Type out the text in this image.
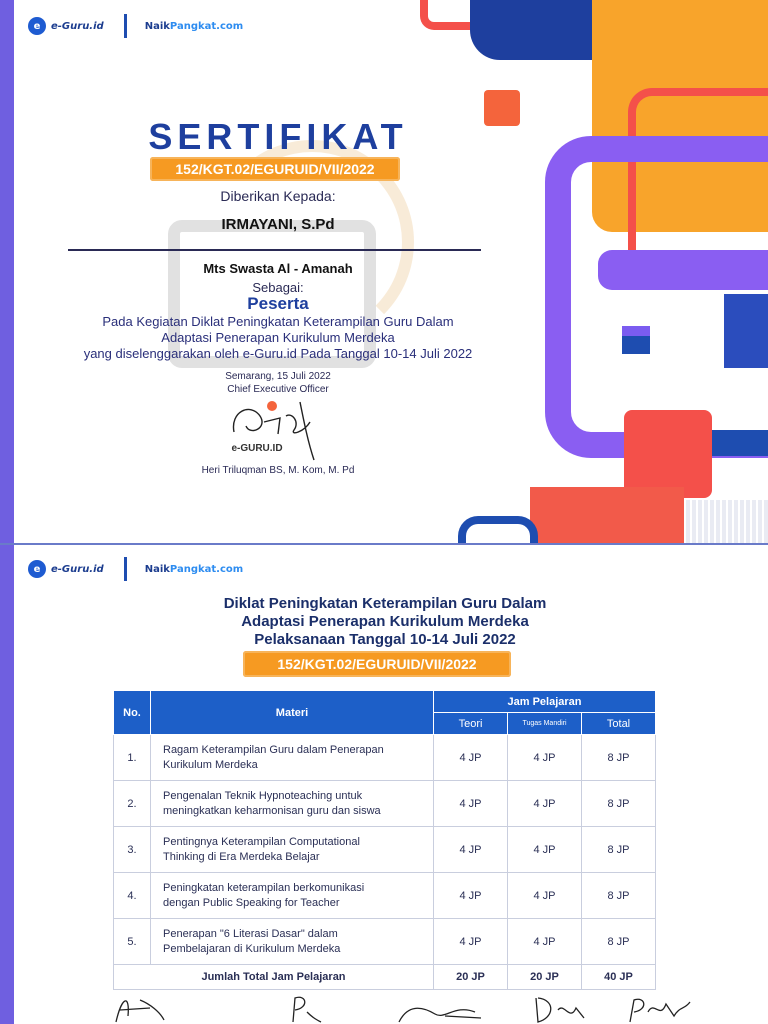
e	e-Guru.id	NaikPangkat.com
SERTIFIKAT
152/KGT.02/EGURUID/VII/2022
Diberikan Kepada:
IRMAYANI, S.Pd
Mts Swasta Al - Amanah
Sebagai:
Peserta
Pada Kegiatan Diklat Peningkatan Keterampilan Guru Dalam
Adaptasi Penerapan Kurikulum Merdeka
yang diselenggarakan oleh e-Guru.id Pada Tanggal 10-14 Juli 2022
Semarang, 15 Juli 2022
Chief Executive Officer
e-GURU.ID
Heri Triluqman BS, M. Kom, M. Pd
e	e-Guru.id	NaikPangkat.com
Diklat Peningkatan Keterampilan Guru Dalam
Adaptasi Penerapan Kurikulum Merdeka
Pelaksanaan Tanggal 10-14 Juli 2022
152/KGT.02/EGURUID/VII/2022
No.	Materi	Jam Pelajaran		
		Teori	Tugas Mandiri	Total
1.	Ragam Keterampilan Guru dalam Penerapan
Kurikulum Merdeka	4 JP	4 JP	8 JP
2.	Pengenalan Teknik Hypnoteaching untuk
meningkatkan keharmonisan guru dan siswa	4 JP	4 JP	8 JP
3.	Pentingnya Keterampilan Computational
Thinking di Era Merdeka Belajar	4 JP	4 JP	8 JP
4.	Peningkatan keterampilan berkomunikasi
dengan Public Speaking for Teacher	4 JP	4 JP	8 JP
5.	Penerapan "6 Literasi Dasar" dalam
Pembelajaran di Kurikulum Merdeka	4 JP	4 JP	8 JP
Jumlah Total Jam Pelajaran		20 JP	20 JP	40 JP
